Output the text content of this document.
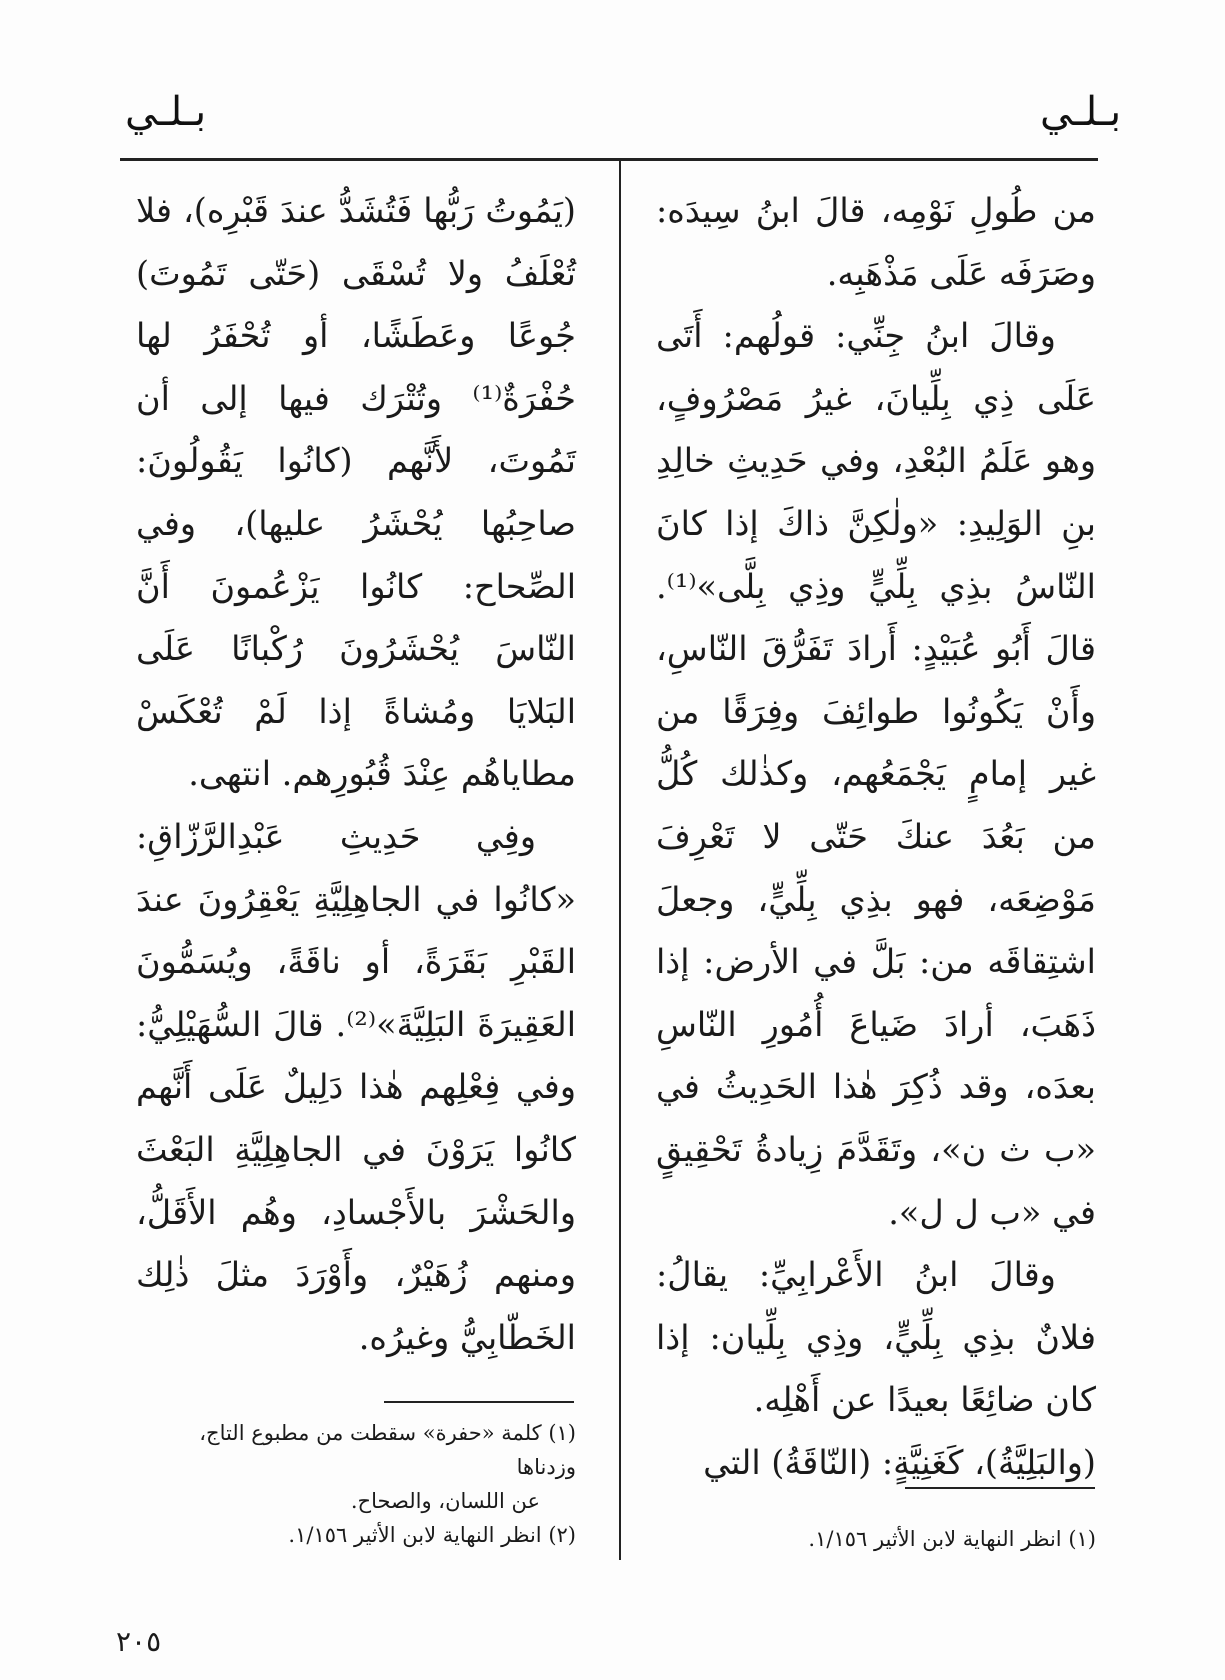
بـلـي
بـلـي

من طُولِ نَوْمِه، قالَ ابنُ سِيدَه: وصَرَفَه عَلَى مَذْهَبِه.

وقالَ ابنُ جِنِّي: قولُهم: أَتَى عَلَى ذِي بِلِّيانَ، غيرُ مَصْرُوفٍ، وهو عَلَمُ البُعْدِ، وفي حَدِيثِ خالِدِ بنِ الوَلِيدِ: «ولٰكِنَّ ذاكَ إذا كانَ النّاسُ بذِي بِلِّيٍّ وذِي بِلَّى»⁽¹⁾. قالَ أَبُو عُبَيْدٍ: أَرادَ تَفَرُّقَ النّاسِ، وأَنْ يَكُونُوا طوائِفَ وفِرَقًا من غير إمامٍ يَجْمَعُهم، وكذٰلك كُلُّ من بَعُدَ عنكَ حَتّى لا تَعْرِفَ مَوْضِعَه، فهو بذِي بِلِّيٍّ، وجعلَ اشتِقاقَه من: بَلَّ في الأرض: إذا ذَهَبَ، أرادَ ضَياعَ أُمُورِ النّاسِ بعدَه، وقد ذُكِرَ هٰذا الحَدِيثُ في «ب ث ن»، وتَقَدَّمَ زِيادةُ تَحْقِيقٍ في «ب ل ل».

وقالَ ابنُ الأَعْرابِيِّ: يقالُ: فلانٌ بذِي بِلِّيٍّ، وذِي بِلِّيان: إذا كان ضائِعًا بعيدًا عن أَهْلِه.

(والبَلِيَّةُ)، كَغَنِيَّةٍ: (النّاقَةُ) التي

(يَمُوتُ رَبُّها فَتُشَدُّ عندَ قَبْرِه)، فلا تُعْلَفُ ولا تُسْقَى (حَتّى تَمُوتَ) جُوعًا وعَطَشًا، أو تُحْفَرُ لها حُفْرَةٌ⁽¹⁾ وتُتْرَك فيها إلى أن تَمُوتَ، لأَنَّهم (كانُوا يَقُولُونَ: صاحِبُها يُحْشَرُ عليها)، وفي الصِّحاح: كانُوا يَزْعُمونَ أَنَّ النّاسَ يُحْشَرُونَ رُكْبانًا عَلَى البَلايَا ومُشاةً إذا لَمْ تُعْكَسْ مطاياهُم عِنْدَ قُبُورِهم. انتهى.

وفِي حَدِيثِ عَبْدِالرَّزّاقِ: «كانُوا في الجاهِلِيَّةِ يَعْقِرُونَ عندَ القَبْرِ بَقَرَةً، أو ناقَةً، ويُسَمُّونَ العَقِيرَةَ البَلِيَّةَ»⁽²⁾. قالَ السُّهَيْلِيُّ: وفي فِعْلِهم هٰذا دَلِيلٌ عَلَى أَنَّهم كانُوا يَرَوْنَ في الجاهِلِيَّةِ البَعْثَ والحَشْرَ بالأَجْسادِ، وهُم الأَقَلُّ، ومنهم زُهَيْرٌ، وأَوْرَدَ مثلَ ذٰلِك الخَطّابِيُّ وغيرُه.

(١) انظر النهاية لابن الأثير ١/١٥٦.
(١) كلمة «حفرة» سقطت من مطبوع التاج، وزدناها
عن اللسان، والصحاح.
(٢) انظر النهاية لابن الأثير ١/١٥٦.
٢٠٥
